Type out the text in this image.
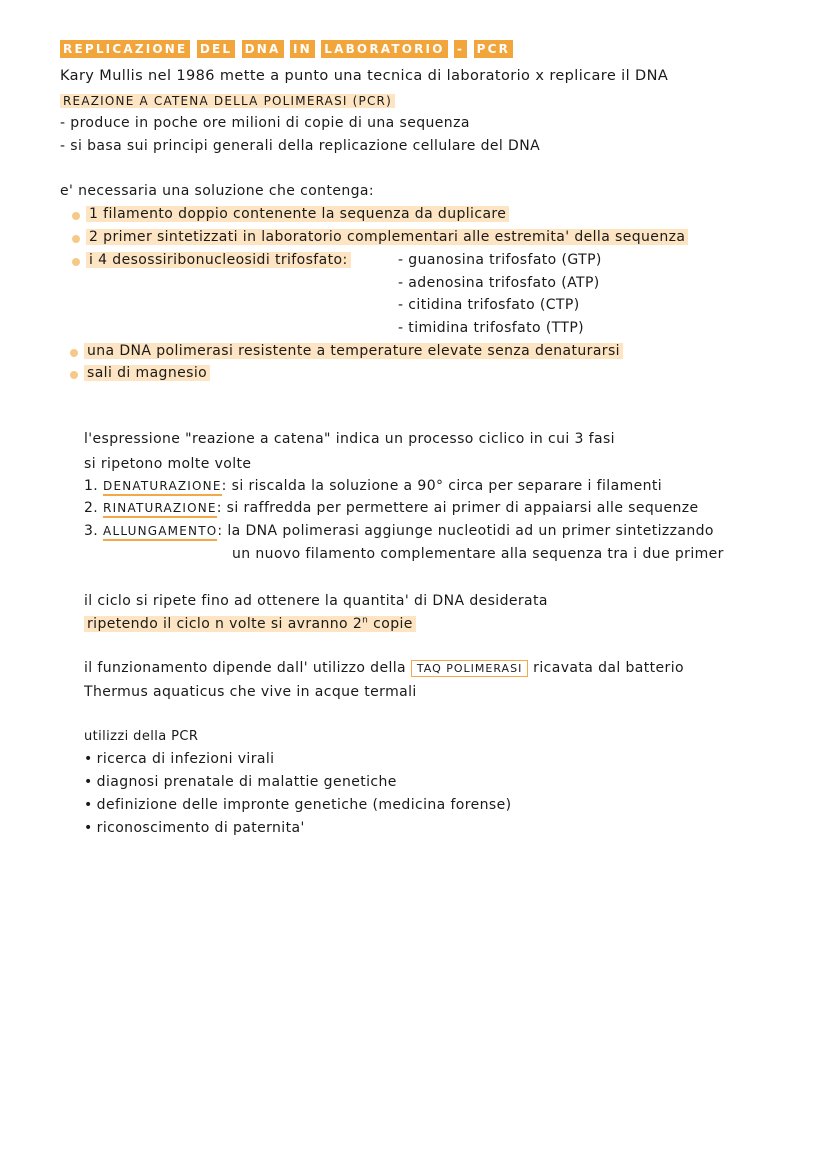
REPLICAZIONE DEL DNA IN LABORATORIO - PCR
Kary Mullis nel 1986 mette a punto una tecnica di laboratorio x replicare il DNA
REAZIONE A CATENA DELLA POLIMERASI (PCR)
- produce in poche ore milioni di copie di una sequenza
- si basa sui principi generali della replicazione cellulare del DNA
e' necessaria una soluzione che contenga:
1 filamento doppio contenente la sequenza da duplicare
2 primer sintetizzati in laboratorio complementari alle estremita' della sequenza
i 4 desossiribonucleosidi trifosfato:	- guanosina trifosfato (GTP)
- adenosina trifosfato (ATP)
- citidina trifosfato (CTP)
- timidina trifosfato (TTP)
una DNA polimerasi resistente a temperature elevate senza denaturarsi
sali di magnesio
l'espressione "reazione a catena" indica un processo ciclico in cui 3 fasi
si ripetono molte volte
1. DENATURAZIONE: si riscalda la soluzione a 90° circa per separare i filamenti
2. RINATURAZIONE: si raffredda per permettere ai primer di appaiarsi alle sequenze
3. ALLUNGAMENTO: la DNA polimerasi aggiunge nucleotidi ad un primer sintetizzando
un nuovo filamento complementare alla sequenza tra i due primer
il ciclo si ripete fino ad ottenere la quantita' di DNA desiderata
ripetendo il ciclo n volte si avranno 2$^n$ copie
il funzionamento dipende dall' utilizzo della TAQ POLIMERASI ricavata dal batterio
Thermus aquaticus che vive in acque termali
utilizzi della PCR
• ricerca di infezioni virali
• diagnosi prenatale di malattie genetiche
• definizione delle impronte genetiche (medicina forense)
• riconoscimento di paternita'
